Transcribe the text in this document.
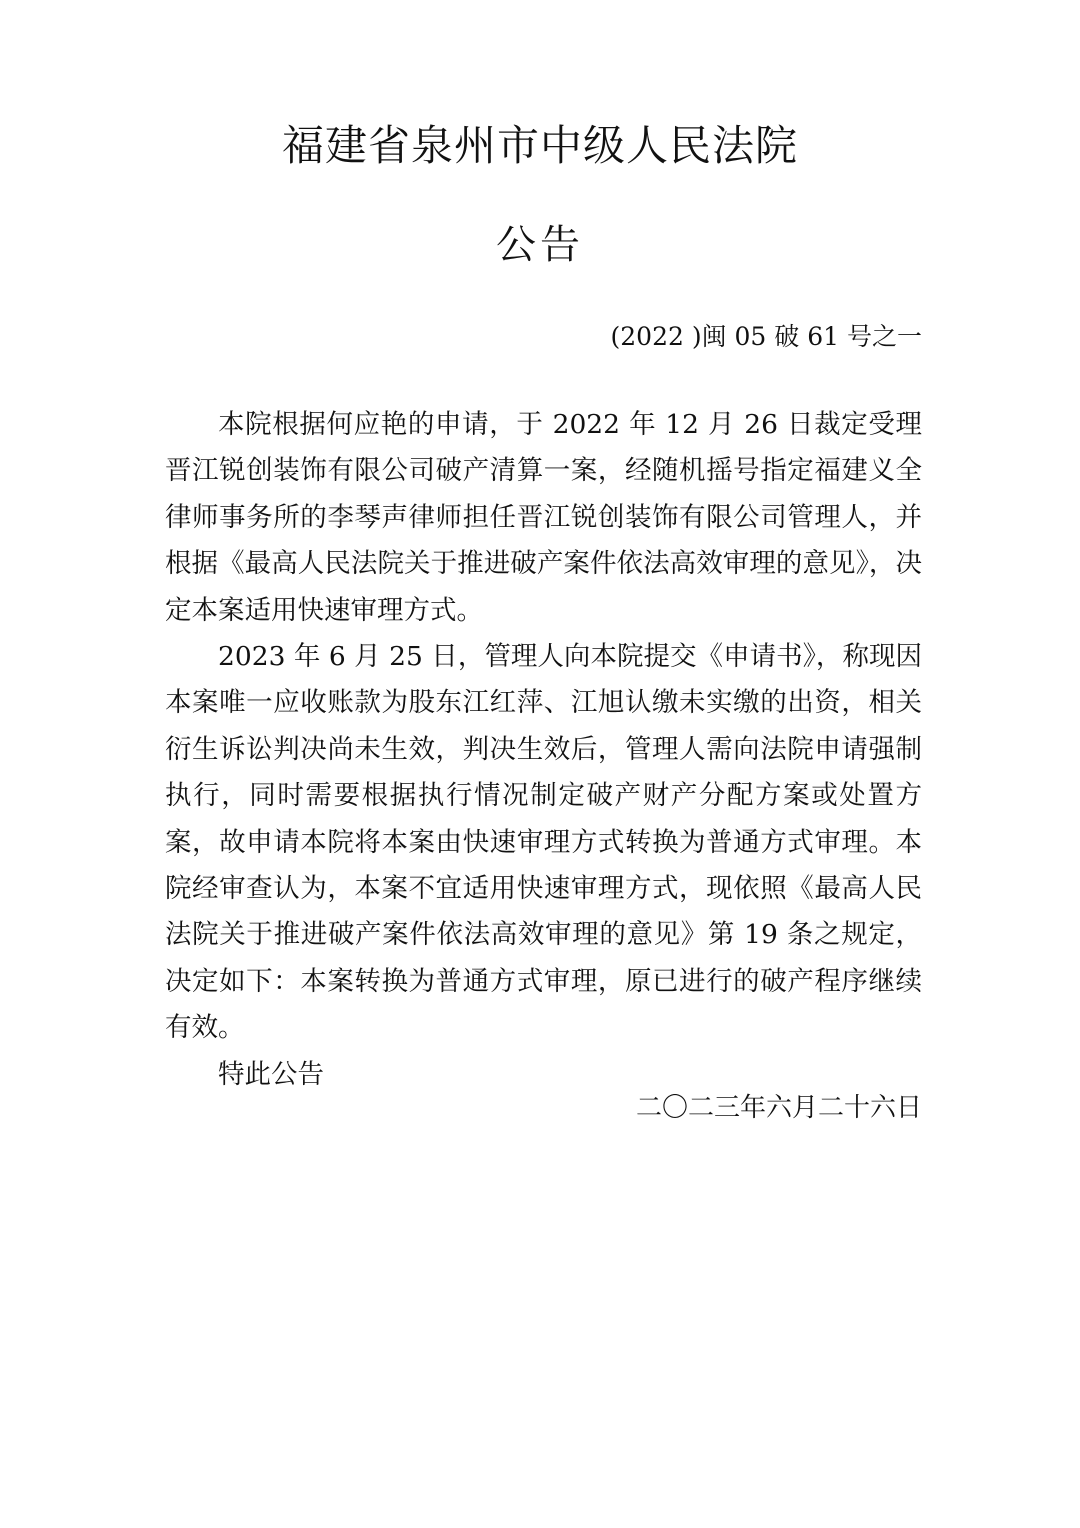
福建省泉州市中级人民法院
公告
(2022 )闽 05 破 61 号之一

本院根据何应艳的申请，于 2022 年 12 月 26 日裁定受理晋江锐创装饰有限公司破产清算一案，经随机摇号指定福建义全律师事务所的李琴声律师担任晋江锐创装饰有限公司管理人，并根据《最高人民法院关于推进破产案件依法高效审理的意见》，决定本案适用快速审理方式。

2023 年 6 月 25 日，管理人向本院提交《申请书》，称现因本案唯一应收账款为股东江红萍、江旭认缴未实缴的出资，相关衍生诉讼判决尚未生效，判决生效后，管理人需向法院申请强制执行，同时需要根据执行情况制定破产财产分配方案或处置方案，故申请本院将本案由快速审理方式转换为普通方式审理。本院经审查认为，本案不宜适用快速审理方式，现依照《最高人民法院关于推进破产案件依法高效审理的意见》第 19 条之规定，决定如下：本案转换为普通方式审理，原已进行的破产程序继续有效。

特此公告

二〇二三年六月二十六日
